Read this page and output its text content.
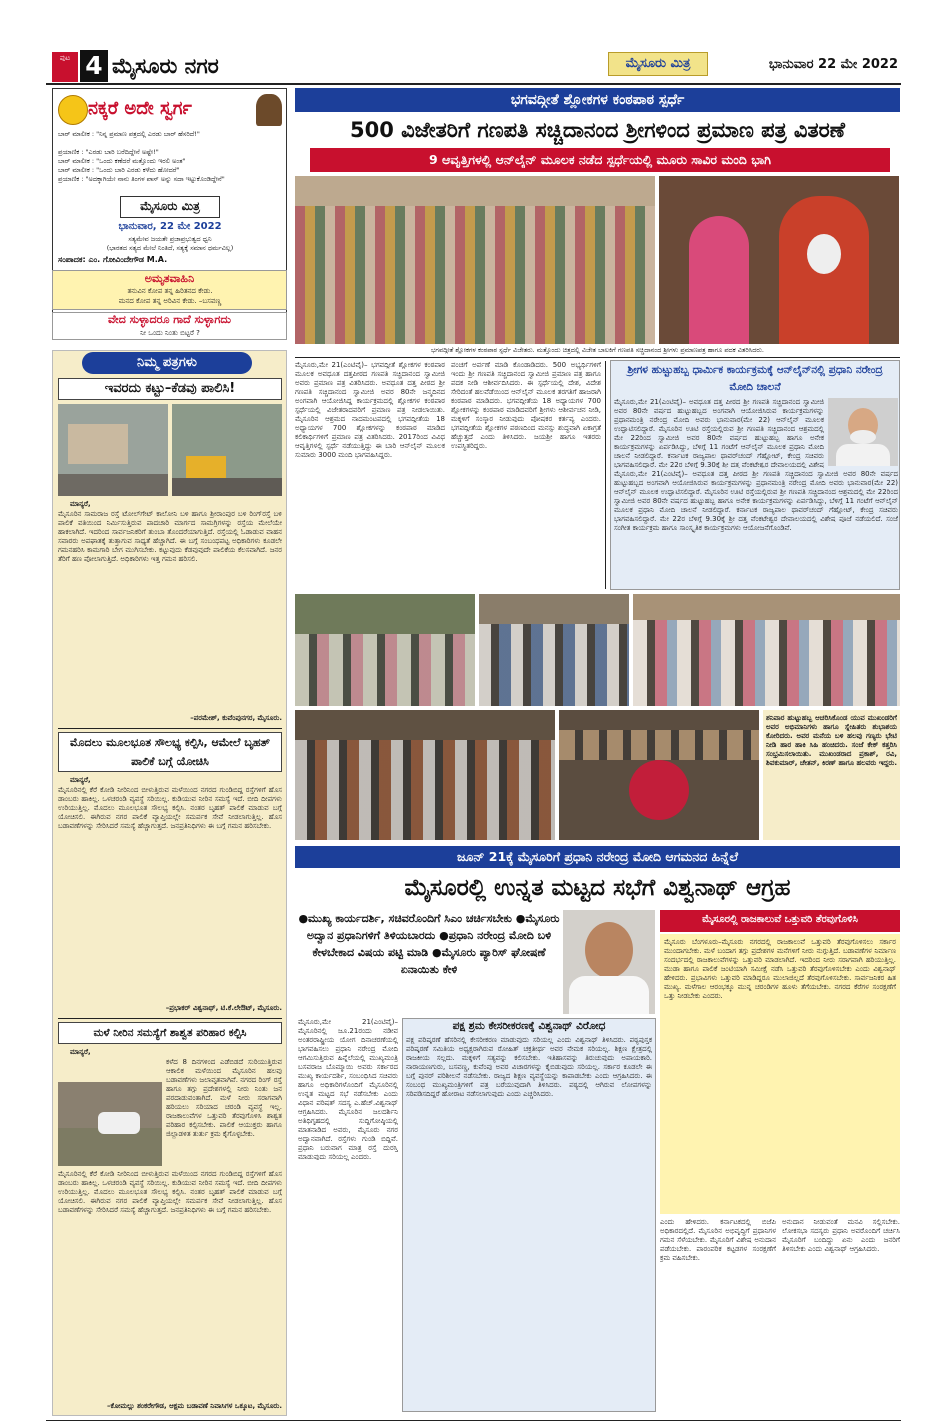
ಪುಟ 4 ಮೈಸೂರು ನಗರ	ಮೈಸೂರು ಮಿತ್ರ	ಭಾನುವಾರ 22 ಮೇ 2022
ನಕ್ಕರೆ ಅದೇ ಸ್ವರ್ಗ
ಬಾರ್ ಮಾಲೀಕ : "ನಿನ್ನ ಪ್ರಮಾಣ ಪತ್ರದಲ್ಲಿ ಎರಡು ಬಾರ್ ಹೆಸರಿದೆ!"
ಪ್ರಯಾಣಿಕ : "ಎರಡು ಬಾರಿ ಬರೆದಿದ್ದೇನೆ ಅಷ್ಟೇ!"
ಬಾರ್ ಮಾಲೀಕ : "ಒಂದು ಕಣೆದರೆ ಮತ್ತೊಂದು ಇರಲಿ ಅಂತ"
ಬಾರ್ ಮಾಲೀಕ : "ಒಂದು ಬಾರಿ ಎರಡು ಕಳೆದು ಹೋದರೆ"
ಪ್ರಯಾಣಿಕ : "ಅದಕ್ಕಾಗಿಯೇ ನಾನು ತಿಂಗಳ ಪಾಸ್ ಅನ್ನು ಸದಾ ಇಟ್ಟುಕೊಂಡಿದ್ದೇನೆ"
ಮೈಸೂರು ಮಿತ್ರ
ಭಾನುವಾರ, 22 ಮೇ 2022
ಸತ್ಯಮೇವ ಜಯತೇ ಪ್ರಜಾಪ್ರಭುತ್ವದ ಧ್ವನಿ
(ಭಾರತದ ಸತ್ಯದ ಮೇಲೆ ನಿಂತಿದೆ, ಸತ್ಯಕ್ಕೆ ಸಮಾನ ಧರ್ಮವಿಲ್ಲ)
ಸಂಪಾದಕ: ಎಂ. ಗೋವಿಂದೇಗೌಡ M.A.
ಅಮೃತವಾಹಿನಿ
ತನುವಿನ ಕೋಪ ತನ್ನ ಹಿರಿತನದ ಕೇಡು.
ಮನದ ಕೋಪ ತನ್ನ ಅರಿವಿನ ಕೇಡು. –ಬಸವಣ್ಣ
ವೇದ ಸುಳ್ಳಾದರೂ ಗಾದೆ ಸುಳ್ಳಾಗದು
ನೀ ಒಂದು ನಿಂತು ಬಿಟ್ಟರೆ ?
ನಿಮ್ಮ ಪತ್ರಗಳು
ಇವರದು ಕಟ್ಟು–ಕೆಡವು ಪಾಲಿಸಿ!
ಮಾನ್ಯರೆ,
ಮೈಸೂರಿನ ಸಾಮರಾಜ ರಸ್ತೆ ಟೋಲ್‌ಗೇಟ್ ಕಾಲೋನಿ ಬಳಿ ಹಾಗೂ ಶ್ರೀರಾಂಪುರ ಬಳಿ ರಿಂಗ್‌ರಸ್ತೆ ಬಳಿ ಪಾಲಿಕೆ ವತಿಯಿಂದ ನಿರ್ಮಿಸುತ್ತಿರುವ ಪಾದಚಾರಿ ಮಾರ್ಗದ ಸಾಮಗ್ರಿಗಳನ್ನು ರಸ್ತೆಯ ಮೇಲೆಯೇ ಹಾಕಲಾಗಿದೆ. ಇದರಿಂದ ಸಾರ್ವಜನಿಕರಿಗೆ ತುಂಬಾ ತೊಂದರೆಯಾಗುತ್ತಿದೆ. ರಸ್ತೆಯಲ್ಲಿ ಓಡಾಡುವ ವಾಹನ ಸವಾರರು ಅಪಘಾತಕ್ಕೆ ತುತ್ತಾಗುವ ಸಾಧ್ಯತೆ ಹೆಚ್ಚಾಗಿದೆ. ಈ ಬಗ್ಗೆ ಸಂಬಂಧಪಟ್ಟ ಅಧಿಕಾರಿಗಳು ಕೂಡಲೇ ಗಮನಹರಿಸಿ ಕಾಮಗಾರಿ ಬೇಗ ಮುಗಿಸಬೇಕು. ಕಟ್ಟುವುದು ಕೆಡವುವುದೇ ಪಾಲಿಕೆಯ ಕೆಲಸವಾಗಿದೆ. ಜನರ ತೆರಿಗೆ ಹಣ ಪೋಲಾಗುತ್ತಿದೆ. ಅಧಿಕಾರಿಗಳು ಇತ್ತ ಗಮನ ಹರಿಸಲಿ.
–ಪರಮೇಶ್, ಕುವೆಂಪುನಗರ, ಮೈಸೂರು.
ಮೊದಲು ಮೂಲಭೂತ ಸೌಲಭ್ಯ ಕಲ್ಪಿಸಿ, ಆಮೇಲೆ ಬೃಹತ್ ಪಾಲಿಕೆ ಬಗ್ಗೆ ಯೋಚಿಸಿ
ಮಾನ್ಯರೆ,
ಮೈಸೂರಿನಲ್ಲಿ ಕೆರೆ ಕೋಡಿ ನೀರಿನಿಂದ ಬೀಳುತ್ತಿರುವ ಮಳೆಯಿಂದ ನಗರದ ಗುಂಡಿಬಿದ್ದ ರಸ್ತೆಗಳಿಗೆ ಹೊಸ ಡಾಂಬರು ಹಾಕಿಲ್ಲ. ಒಳಚರಂಡಿ ವ್ಯವಸ್ಥೆ ಸರಿಯಿಲ್ಲ. ಕುಡಿಯುವ ನೀರಿನ ಸಮಸ್ಯೆ ಇದೆ. ಬೀದಿ ದೀಪಗಳು ಉರಿಯುತ್ತಿಲ್ಲ. ಮೊದಲು ಮೂಲಭೂತ ಸೌಲಭ್ಯ ಕಲ್ಪಿಸಿ. ನಂತರ ಬೃಹತ್ ಪಾಲಿಕೆ ಮಾಡುವ ಬಗ್ಗೆ ಯೋಚಿಸಲಿ. ಈಗಿರುವ ನಗರ ಪಾಲಿಕೆ ವ್ಯಾಪ್ತಿಯಲ್ಲೇ ಸಮರ್ಪಕ ಸೇವೆ ನೀಡಲಾಗುತ್ತಿಲ್ಲ. ಹೊಸ ಬಡಾವಣೆಗಳನ್ನು ಸೇರಿಸಿದರೆ ಸಮಸ್ಯೆ ಹೆಚ್ಚಾಗುತ್ತದೆ. ಜನಪ್ರತಿನಿಧಿಗಳು ಈ ಬಗ್ಗೆ ಗಮನ ಹರಿಸಬೇಕು.
–ಪ್ರಭಾಕರ್ ವಿಶ್ವನಾಥ್, ಟಿ.ಕೆ.ಲೇಔಟ್, ಮೈಸೂರು.
ಮಳೆ ನೀರಿನ ಸಮಸ್ಯೆಗೆ ಶಾಶ್ವತ ಪರಿಹಾರ ಕಲ್ಪಿಸಿ
ಮಾನ್ಯರೆ,
ಕಳೆದ 8 ದಿನಗಳಿಂದ ಎಡೆಬಿಡದೆ ಸುರಿಯುತ್ತಿರುವ ಆಕಾಲಿಕ ಮಳೆಯಿಂದ ಮೈಸೂರಿನ ಹಲವು ಬಡಾವಣೆಗಳು ಜಲಾವೃತವಾಗಿವೆ. ನಗರದ ರಿಂಗ್ ರಸ್ತೆ ಹಾಗೂ ತಗ್ಗು ಪ್ರದೇಶಗಳಲ್ಲಿ ನೀರು ನಿಂತು ಜನ ಪರದಾಡುವಂತಾಗಿದೆ. ಮಳೆ ನೀರು ಸರಾಗವಾಗಿ ಹರಿಯಲು ಸರಿಯಾದ ಚರಂಡಿ ವ್ಯವಸ್ಥೆ ಇಲ್ಲ. ರಾಜಕಾಲುವೆಗಳ ಒತ್ತುವರಿ ತೆರವುಗೊಳಿಸಿ ಶಾಶ್ವತ ಪರಿಹಾರ ಕಲ್ಪಿಸಬೇಕು. ಪಾಲಿಕೆ ಆಯುಕ್ತರು ಹಾಗೂ ಜಿಲ್ಲಾಡಳಿತ ತುರ್ತು ಕ್ರಮ ಕೈಗೊಳ್ಳಬೇಕು.
ಮೈಸೂರಿನಲ್ಲಿ ಕೆರೆ ಕೋಡಿ ನೀರಿನಿಂದ ಬೀಳುತ್ತಿರುವ ಮಳೆಯಿಂದ ನಗರದ ಗುಂಡಿಬಿದ್ದ ರಸ್ತೆಗಳಿಗೆ ಹೊಸ ಡಾಂಬರು ಹಾಕಿಲ್ಲ. ಒಳಚರಂಡಿ ವ್ಯವಸ್ಥೆ ಸರಿಯಿಲ್ಲ. ಕುಡಿಯುವ ನೀರಿನ ಸಮಸ್ಯೆ ಇದೆ. ಬೀದಿ ದೀಪಗಳು ಉರಿಯುತ್ತಿಲ್ಲ. ಮೊದಲು ಮೂಲಭೂತ ಸೌಲಭ್ಯ ಕಲ್ಪಿಸಿ. ನಂತರ ಬೃಹತ್ ಪಾಲಿಕೆ ಮಾಡುವ ಬಗ್ಗೆ ಯೋಚಿಸಲಿ. ಈಗಿರುವ ನಗರ ಪಾಲಿಕೆ ವ್ಯಾಪ್ತಿಯಲ್ಲೇ ಸಮರ್ಪಕ ಸೇವೆ ನೀಡಲಾಗುತ್ತಿಲ್ಲ. ಹೊಸ ಬಡಾವಣೆಗಳನ್ನು ಸೇರಿಸಿದರೆ ಸಮಸ್ಯೆ ಹೆಚ್ಚಾಗುತ್ತದೆ. ಜನಪ್ರತಿನಿಧಿಗಳು ಈ ಬಗ್ಗೆ ಗಮನ ಹರಿಸಬೇಕು.
–ಕೋಮಲ್ಲು ಶಂಕರೇಗೌಡ, ಆಕ್ಷಮ ಬಡಾವಣೆ ನಿವಾಸಿಗಳ ಒಕ್ಕೂಟ, ಮೈಸೂರು.
ಭಗವದ್ಗೀತೆ ಶ್ಲೋಕಗಳ ಕಂಠಪಾಠ ಸ್ಪರ್ಧೆ
500 ವಿಜೇತರಿಗೆ ಗಣಪತಿ ಸಚ್ಚಿದಾನಂದ ಶ್ರೀಗಳಿಂದ ಪ್ರಮಾಣ ಪತ್ರ ವಿತರಣೆ
9 ಆವೃತ್ತಿಗಳಲ್ಲಿ ಆನ್‌ಲೈನ್ ಮೂಲಕ ನಡೆದ ಸ್ಪರ್ಧೆಯಲ್ಲಿ ಮೂರು ಸಾವಿರ ಮಂದಿ ಭಾಗಿ
ಭಗವದ್ಗೀತೆ ಶ್ಲೋಕಗಳ ಕಂಠಪಾಠ ಸ್ಪರ್ಧೆ ವಿಜೇತರು. ಮತ್ತೊಂದು ಚಿತ್ರದಲ್ಲಿ ವಿಜೇತ ಬಾಲಕಿಗೆ ಗಣಪತಿ ಸಚ್ಚಿದಾನಂದ ಶ್ರೀಗಳು ಪ್ರಮಾಣಪತ್ರ ಹಾಗೂ ಪದಕ ವಿತರಿಸಿದರು.
ಮೈಸೂರು,ಮೇ 21(ಎಂಟಿವೈ)– ಭಗವದ್ಗೀತೆ ಶ್ಲೋಕಗಳ ಕಂಠಪಾಠ ಮೂಲಕ ಅವಧೂತ ದತ್ತಪೀಠದ ಗಣಪತಿ ಸಚ್ಚಿದಾನಂದ ಸ್ವಾಮೀಜಿ ಅವರು ಪ್ರಮಾಣ ಪತ್ರ ವಿತರಿಸಿದರು. ಅವಧೂತ ದತ್ತ ಪೀಠದ ಶ್ರೀ ಗಣಪತಿ ಸಚ್ಚಿದಾನಂದ ಸ್ವಾಮೀಜಿ ಅವರ 80ನೇ ಜನ್ಮದಿನದ ಅಂಗವಾಗಿ ಆಯೋಜಿಸಿದ್ದ ಕಾರ್ಯಕ್ರಮದಲ್ಲಿ ಶ್ಲೋಕಗಳ ಕಂಠಪಾಠ ಸ್ಪರ್ಧೆಯಲ್ಲಿ ವಿಜೇತರಾದವರಿಗೆ ಪ್ರಮಾಣ ಪತ್ರ ನೀಡಲಾಯಿತು. ಮೈಸೂರಿನ ಆಶ್ರಮದ ನಾದಮಂಟಪದಲ್ಲಿ ಭಗವದ್ಗೀತೆಯ 18 ಅಧ್ಯಾಯಗಳ 700 ಶ್ಲೋಕಗಳನ್ನು ಕಂಠಪಾಠ ಮಾಡಿದ ಕಲಿಕಾರ್ಥಿಗಳಿಗೆ ಪ್ರಮಾಣ ಪತ್ರ ವಿತರಿಸಿದರು. 2017ರಿಂದ ವಿವಿಧ ಆವೃತ್ತಿಗಳಲ್ಲಿ ಸ್ಪರ್ಧೆ ನಡೆಯುತ್ತಿದ್ದು ಈ ಬಾರಿ ಆನ್‌ಲೈನ್ ಮೂಲಕ ಸುಮಾರು 3000 ಮಂದಿ ಭಾಗವಹಿಸಿದ್ದರು.
ಪಂಚಗೆ ಅರ್ಪಣೆ ಮಾಡಿ ಕೊಂಡಾಡಿದರು. 500 ಅಭ್ಯರ್ಥಿಗಳಿಗೆ ಇಂದು ಶ್ರೀ ಗಣಪತಿ ಸಚ್ಚಿದಾನಂದ ಸ್ವಾಮೀಜಿ ಪ್ರಮಾಣ ಪತ್ರ ಹಾಗೂ ಪದಕ ನೀಡಿ ಆಶೀರ್ವದಿಸಿದರು. ಈ ಸ್ಪರ್ಧೆಯಲ್ಲಿ ದೇಶ, ವಿದೇಶ ಸೇರಿದಂತೆ ಹಲವೆಡೆಯಿಂದ ಆನ್‌ಲೈನ್ ಮೂಲಕ ತರಗತಿಗೆ ಹಾಜರಾಗಿ ಕಂಠಪಾಠ ಮಾಡಿದರು. ಭಗವದ್ಗೀತೆಯ 18 ಅಧ್ಯಾಯಗಳ 700 ಶ್ಲೋಕಗಳನ್ನು ಕಂಠಪಾಠ ಮಾಡಿದವರಿಗೆ ಶ್ರೀಗಳು ಆಶೀರ್ವಚನ ನೀಡಿ, ಮಕ್ಕಳಿಗೆ ಸಂಸ್ಕಾರ ನೀಡುವುದು ಪೋಷಕರ ಕರ್ತವ್ಯ ಎಂದರು. ಭಗವದ್ಗೀತೆಯ ಶ್ಲೋಕಗಳ ಪಠಣದಿಂದ ಮನಸ್ಸು ಶುದ್ಧವಾಗಿ ಏಕಾಗ್ರತೆ ಹೆಚ್ಚುತ್ತದೆ ಎಂದು ತಿಳಿಸಿದರು. ಜಯಶ್ರೀ ಹಾಗೂ ಇತರರು ಉಪಸ್ಥಿತರಿದ್ದರು.
ಶ್ರೀಗಳ ಹುಟ್ಟುಹಬ್ಬ ಧಾರ್ಮಿಕ ಕಾರ್ಯಕ್ರಮಕ್ಕೆ ಆನ್‌ಲೈನ್‌ನಲ್ಲಿ ಪ್ರಧಾನಿ ನರೇಂದ್ರ ಮೋದಿ ಚಾಲನೆ
ಮೈಸೂರು,ಮೇ 21(ಎಂಟಿವೈ)– ಅವಧೂತ ದತ್ತ ಪೀಠದ ಶ್ರೀ ಗಣಪತಿ ಸಚ್ಚಿದಾನಂದ ಸ್ವಾಮೀಜಿ ಅವರ 80ನೇ ವರ್ಷದ ಹುಟ್ಟುಹಬ್ಬದ ಅಂಗವಾಗಿ ಆಯೋಜಿಸಿರುವ ಕಾರ್ಯಕ್ರಮಗಳನ್ನು ಪ್ರಧಾನಮಂತ್ರಿ ನರೇಂದ್ರ ಮೋದಿ ಅವರು ಭಾನುವಾರ(ಮೇ 22) ಆನ್‌ಲೈನ್ ಮೂಲಕ ಉದ್ಘಾಟಿಸಲಿದ್ದಾರೆ. ಮೈಸೂರಿನ ಊಟಿ ರಸ್ತೆಯಲ್ಲಿರುವ ಶ್ರೀ ಗಣಪತಿ ಸಚ್ಚಿದಾನಂದ ಆಶ್ರಮದಲ್ಲಿ ಮೇ 22ರಿಂದ ಸ್ವಾಮೀಜಿ ಅವರ 80ನೇ ವರ್ಷದ ಹುಟ್ಟುಹಬ್ಬ ಹಾಗೂ ಅನೇಕ ಕಾರ್ಯಕ್ರಮಗಳನ್ನು ಏರ್ಪಡಿಸಿದ್ದು, ಬೆಳಿಗ್ಗೆ 11 ಗಂಟೆಗೆ ಆನ್‌ಲೈನ್ ಮೂಲಕ ಪ್ರಧಾನಿ ಮೋದಿ ಚಾಲನೆ ನೀಡಲಿದ್ದಾರೆ. ಕರ್ನಾಟಕ ರಾಜ್ಯಪಾಲ ಥಾವರ್‌ಚಂದ್ ಗೆಹ್ಲೋಟ್, ಕೇಂದ್ರ ಸಚಿವರು ಭಾಗವಹಿಸಲಿದ್ದಾರೆ. ಮೇ 22ರ ಬೆಳಿಗ್ಗೆ 9.30ಕ್ಕೆ ಶ್ರೀ ದತ್ತ ವೆಂಕಟೇಶ್ವರ ದೇವಾಲಯದಲ್ಲಿ ವಿಶೇಷ
ಮೈಸೂರು,ಮೇ 21(ಎಂಟಿವೈ)– ಅವಧೂತ ದತ್ತ ಪೀಠದ ಶ್ರೀ ಗಣಪತಿ ಸಚ್ಚಿದಾನಂದ ಸ್ವಾಮೀಜಿ ಅವರ 80ನೇ ವರ್ಷದ ಹುಟ್ಟುಹಬ್ಬದ ಅಂಗವಾಗಿ ಆಯೋಜಿಸಿರುವ ಕಾರ್ಯಕ್ರಮಗಳನ್ನು ಪ್ರಧಾನಮಂತ್ರಿ ನರೇಂದ್ರ ಮೋದಿ ಅವರು ಭಾನುವಾರ(ಮೇ 22) ಆನ್‌ಲೈನ್ ಮೂಲಕ ಉದ್ಘಾಟಿಸಲಿದ್ದಾರೆ. ಮೈಸೂರಿನ ಊಟಿ ರಸ್ತೆಯಲ್ಲಿರುವ ಶ್ರೀ ಗಣಪತಿ ಸಚ್ಚಿದಾನಂದ ಆಶ್ರಮದಲ್ಲಿ ಮೇ 22ರಿಂದ ಸ್ವಾಮೀಜಿ ಅವರ 80ನೇ ವರ್ಷದ ಹುಟ್ಟುಹಬ್ಬ ಹಾಗೂ ಅನೇಕ ಕಾರ್ಯಕ್ರಮಗಳನ್ನು ಏರ್ಪಡಿಸಿದ್ದು, ಬೆಳಿಗ್ಗೆ 11 ಗಂಟೆಗೆ ಆನ್‌ಲೈನ್ ಮೂಲಕ ಪ್ರಧಾನಿ ಮೋದಿ ಚಾಲನೆ ನೀಡಲಿದ್ದಾರೆ. ಕರ್ನಾಟಕ ರಾಜ್ಯಪಾಲ ಥಾವರ್‌ಚಂದ್ ಗೆಹ್ಲೋಟ್, ಕೇಂದ್ರ ಸಚಿವರು ಭಾಗವಹಿಸಲಿದ್ದಾರೆ. ಮೇ 22ರ ಬೆಳಿಗ್ಗೆ 9.30ಕ್ಕೆ ಶ್ರೀ ದತ್ತ ವೆಂಕಟೇಶ್ವರ ದೇವಾಲಯದಲ್ಲಿ ವಿಶೇಷ ಪೂಜೆ ನಡೆಯಲಿದೆ. ಸಂಜೆ ಸಂಗೀತ ಕಾರ್ಯಕ್ರಮ ಹಾಗೂ ಸಾಂಸ್ಕೃತಿಕ ಕಾರ್ಯಕ್ರಮಗಳು ಆಯೋಜನೆಗೊಂಡಿವೆ.
ಶನಿವಾರ ಹುಟ್ಟುಹಬ್ಬ ಆಚರಿಸಿಕೊಂಡ ಯುವ ಮುಖಂಡರಿಗೆ ಅವರ ಅಭಿಮಾನಿಗಳು ಹಾಗೂ ಸ್ನೇಹಿತರು ಶುಭಾಶಯ ಕೋರಿದರು. ಅವರ ಮನೆಯ ಬಳಿ ಹಲವು ಗಣ್ಯರು ಭೇಟಿ ನೀಡಿ ಹಾರ ಹಾಕಿ ಸಿಹಿ ಹಂಚಿದರು. ಸಂಜೆ ಕೇಕ್ ಕತ್ತರಿಸಿ ಸಂಭ್ರಮಿಸಲಾಯಿತು. ಮುಖಂಡರಾದ ಪ್ರಕಾಶ್, ರವಿ, ಶಿವಕುಮಾರ್, ಚೇತನ್, ಕಿರಣ್ ಹಾಗೂ ಹಲವರು ಇದ್ದರು.
ಜೂನ್ 21ಕ್ಕೆ ಮೈಸೂರಿಗೆ ಪ್ರಧಾನಿ ನರೇಂದ್ರ ಮೋದಿ ಆಗಮನದ ಹಿನ್ನೆಲೆ
ಮೈಸೂರಲ್ಲಿ ಉನ್ನತ ಮಟ್ಟದ ಸಭೆಗೆ ವಿಶ್ವನಾಥ್ ಆಗ್ರಹ
●ಮುಖ್ಯ ಕಾರ್ಯದರ್ಶಿ, ಸಚಿವರೊಂದಿಗೆ ಸಿಎಂ ಚರ್ಚಿಸಬೇಕು ●ಮೈಸೂರು ಅದ್ವಾನ ಪ್ರಧಾನಿಗಳಿಗೆ ತಿಳಿಯಬಾರದು ●ಪ್ರಧಾನಿ ನರೇಂದ್ರ ಮೋದಿ ಬಳಿ ಕೇಳಬೇಕಾದ ವಿಷಯ ಪಟ್ಟಿ ಮಾಡಿ ●ಮೈಸೂರು ಪ್ಯಾರಿಸ್ ಘೋಷಣೆ ಏನಾಯಿತು ಕೇಳಿ
ಮೈಸೂರು,ಮೇ 21(ಎಂಟಿವೈ)– ಮೈಸೂರಿನಲ್ಲಿ ಜೂ.21ರಂದು ನಡೀವ ಅಂತರರಾಷ್ಟ್ರೀಯ ಯೋಗ ದಿನಾಚರಣೆಯಲ್ಲಿ ಭಾಗವಹಿಸಲು ಪ್ರಧಾನಿ ನರೇಂದ್ರ ಮೋದಿ ಆಗಮಿಸುತ್ತಿರುವ ಹಿನ್ನೆಲೆಯಲ್ಲಿ ಮುಖ್ಯಮಂತ್ರಿ ಬಸವರಾಜ ಬೊಮ್ಮಾಯಿ ಅವರು ಸರ್ಕಾರದ ಮುಖ್ಯ ಕಾರ್ಯದರ್ಶಿ, ಸಂಬಂಧಿಸಿದ ಸಚಿವರು ಹಾಗೂ ಅಧಿಕಾರಿಗಳೊಂದಿಗೆ ಮೈಸೂರಿನಲ್ಲಿ ಉನ್ನತ ಮಟ್ಟದ ಸಭೆ ನಡೆಸಬೇಕು ಎಂದು ವಿಧಾನ ಪರಿಷತ್ ಸದಸ್ಯ ಎ.ಹೆಚ್.ವಿಶ್ವನಾಥ್ ಆಗ್ರಹಿಸಿದರು. ಮೈಸೂರಿನ ಜಲದರ್ಶಿನಿ ಅತಿಥಿಗೃಹದಲ್ಲಿ ಸುದ್ದಿಗೋಷ್ಠಿಯಲ್ಲಿ ಮಾತನಾಡಿದ ಅವರು, ಮೈಸೂರು ನಗರ ಅದ್ವಾನವಾಗಿದೆ. ರಸ್ತೆಗಳು ಗುಂಡಿ ಬಿದ್ದಿವೆ. ಪ್ರಧಾನಿ ಬರುವಾಗ ಮಾತ್ರ ರಸ್ತೆ ದುರಸ್ತಿ ಮಾಡುವುದು ಸರಿಯಲ್ಲ ಎಂದರು.
ಪಕ್ಷ ಶ್ರಮ ಕೇಸರೀಕರಣಕ್ಕೆ ವಿಶ್ವನಾಥ್ ವಿರೋಧ
ಪಕ್ಷ ಪರಿಷ್ಕರಣೆ ಹೆಸರಿನಲ್ಲಿ ಕೇಸರೀಕರಣ ಮಾಡುವುದು ಸರಿಯಲ್ಲ ಎಂದು ವಿಶ್ವನಾಥ್ ತಿಳಿಸಿದರು. ಪಠ್ಯಪುಸ್ತಕ ಪರಿಷ್ಕರಣೆ ಸಮಿತಿಯ ಅಧ್ಯಕ್ಷರಾಗಿರುವ ರೋಹಿತ್ ಚಕ್ರತೀರ್ಥ ಅವರ ನೇಮಕ ಸರಿಯಲ್ಲ. ಶಿಕ್ಷಣ ಕ್ಷೇತ್ರದಲ್ಲಿ ರಾಜಕೀಯ ಸಲ್ಲದು. ಮಕ್ಕಳಿಗೆ ಸತ್ಯವನ್ನು ಕಲಿಸಬೇಕು. ಇತಿಹಾಸವನ್ನು ತಿರುಚುವುದು ಅಪಾಯಕಾರಿ. ನಾರಾಯಣಗುರು, ಬಸವಣ್ಣ, ಕುವೆಂಪು ಅವರ ವಿಚಾರಗಳನ್ನು ಕೈಬಿಡುವುದು ಸರಿಯಲ್ಲ. ಸರ್ಕಾರ ಕೂಡಲೇ ಈ ಬಗ್ಗೆ ಪುನರ್ ಪರಿಶೀಲನೆ ನಡೆಸಬೇಕು. ರಾಜ್ಯದ ಶಿಕ್ಷಣ ವ್ಯವಸ್ಥೆಯನ್ನು ಕಾಪಾಡಬೇಕು ಎಂದು ಆಗ್ರಹಿಸಿದರು. ಈ ಸಂಬಂಧ ಮುಖ್ಯಮಂತ್ರಿಗಳಿಗೆ ಪತ್ರ ಬರೆಯುವುದಾಗಿ ತಿಳಿಸಿದರು. ಪಠ್ಯದಲ್ಲಿ ಆಗಿರುವ ಲೋಪಗಳನ್ನು ಸರಿಪಡಿಸದಿದ್ದರೆ ಹೋರಾಟ ನಡೆಸಲಾಗುವುದು ಎಂದು ಎಚ್ಚರಿಸಿದರು.
ಮೈಸೂರಲ್ಲಿ ರಾಜಕಾಲುವೆ ಒತ್ತುವರಿ ತೆರವುಗೊಳಿಸಿ
ಮೈಸೂರು ಬೆಂಗಳೂರು–ಮೈಸೂರು ನಗರದಲ್ಲಿ ರಾಜಕಾಲುವೆ ಒತ್ತುವರಿ ತೆರವುಗೊಳಿಸಲು ಸರ್ಕಾರ ಮುಂದಾಗಬೇಕು. ಮಳೆ ಬಂದಾಗ ತಗ್ಗು ಪ್ರದೇಶಗಳ ಮನೆಗಳಿಗೆ ನೀರು ನುಗ್ಗುತ್ತಿದೆ. ಬಡಾವಣೆಗಳ ನಿರ್ಮಾಣ ಸಂದರ್ಭದಲ್ಲಿ ರಾಜಕಾಲುವೆಗಳನ್ನು ಒತ್ತುವರಿ ಮಾಡಲಾಗಿದೆ. ಇದರಿಂದ ನೀರು ಸರಾಗವಾಗಿ ಹರಿಯುತ್ತಿಲ್ಲ. ಮುಡಾ ಹಾಗೂ ಪಾಲಿಕೆ ಜಂಟಿಯಾಗಿ ಸಮೀಕ್ಷೆ ನಡೆಸಿ ಒತ್ತುವರಿ ತೆರವುಗೊಳಿಸಬೇಕು ಎಂದು ವಿಶ್ವನಾಥ್ ಹೇಳಿದರು. ಪ್ರಭಾವಿಗಳು ಒತ್ತುವರಿ ಮಾಡಿದ್ದರೂ ಮುಲಾಜಿಲ್ಲದೆ ತೆರವುಗೊಳಿಸಬೇಕು. ಸಾರ್ವಜನಿಕರ ಹಿತ ಮುಖ್ಯ. ಮಳೆಗಾಲ ಆರಂಭಕ್ಕೂ ಮುನ್ನ ಚರಂಡಿಗಳ ಹೂಳು ತೆಗೆಯಬೇಕು. ನಗರದ ಕೆರೆಗಳ ಸಂರಕ್ಷಣೆಗೆ ಒತ್ತು ನೀಡಬೇಕು ಎಂದರು.
ಎಂದು ಹೇಳಿದರು. ಕರ್ನಾಟಕದಲ್ಲಿ ಬಿಜೆಪಿ ಅಧಿಕಾರದಲ್ಲಿದೆ. ಮೈಸೂರಿನ ಅಭಿವೃದ್ಧಿಗೆ ಪ್ರಧಾನಿಗಳ ಗಮನ ಸೆಳೆಯಬೇಕು. ಮೈಸೂರಿಗೆ ವಿಶೇಷ ಅನುದಾನ ಪಡೆಯಬೇಕು. ಪಾರಂಪರಿಕ ಕಟ್ಟಡಗಳ ಸಂರಕ್ಷಣೆಗೆ ಕ್ರಮ ವಹಿಸಬೇಕು.
ಅನುದಾನ ನೀಡುವಂತೆ ಮನವಿ ಸಲ್ಲಿಸಬೇಕು. ಲೋಕಸಭಾ ಸದಸ್ಯರು ಪ್ರಧಾನಿ ಅವರೊಂದಿಗೆ ಚರ್ಚಿಸಿ ಮೈಸೂರಿಗೆ ಬಂದಿದ್ದು ಏನು ಎಂದು ಜನರಿಗೆ ತಿಳಿಸಬೇಕು ಎಂದು ವಿಶ್ವನಾಥ್ ಆಗ್ರಹಿಸಿದರು.
